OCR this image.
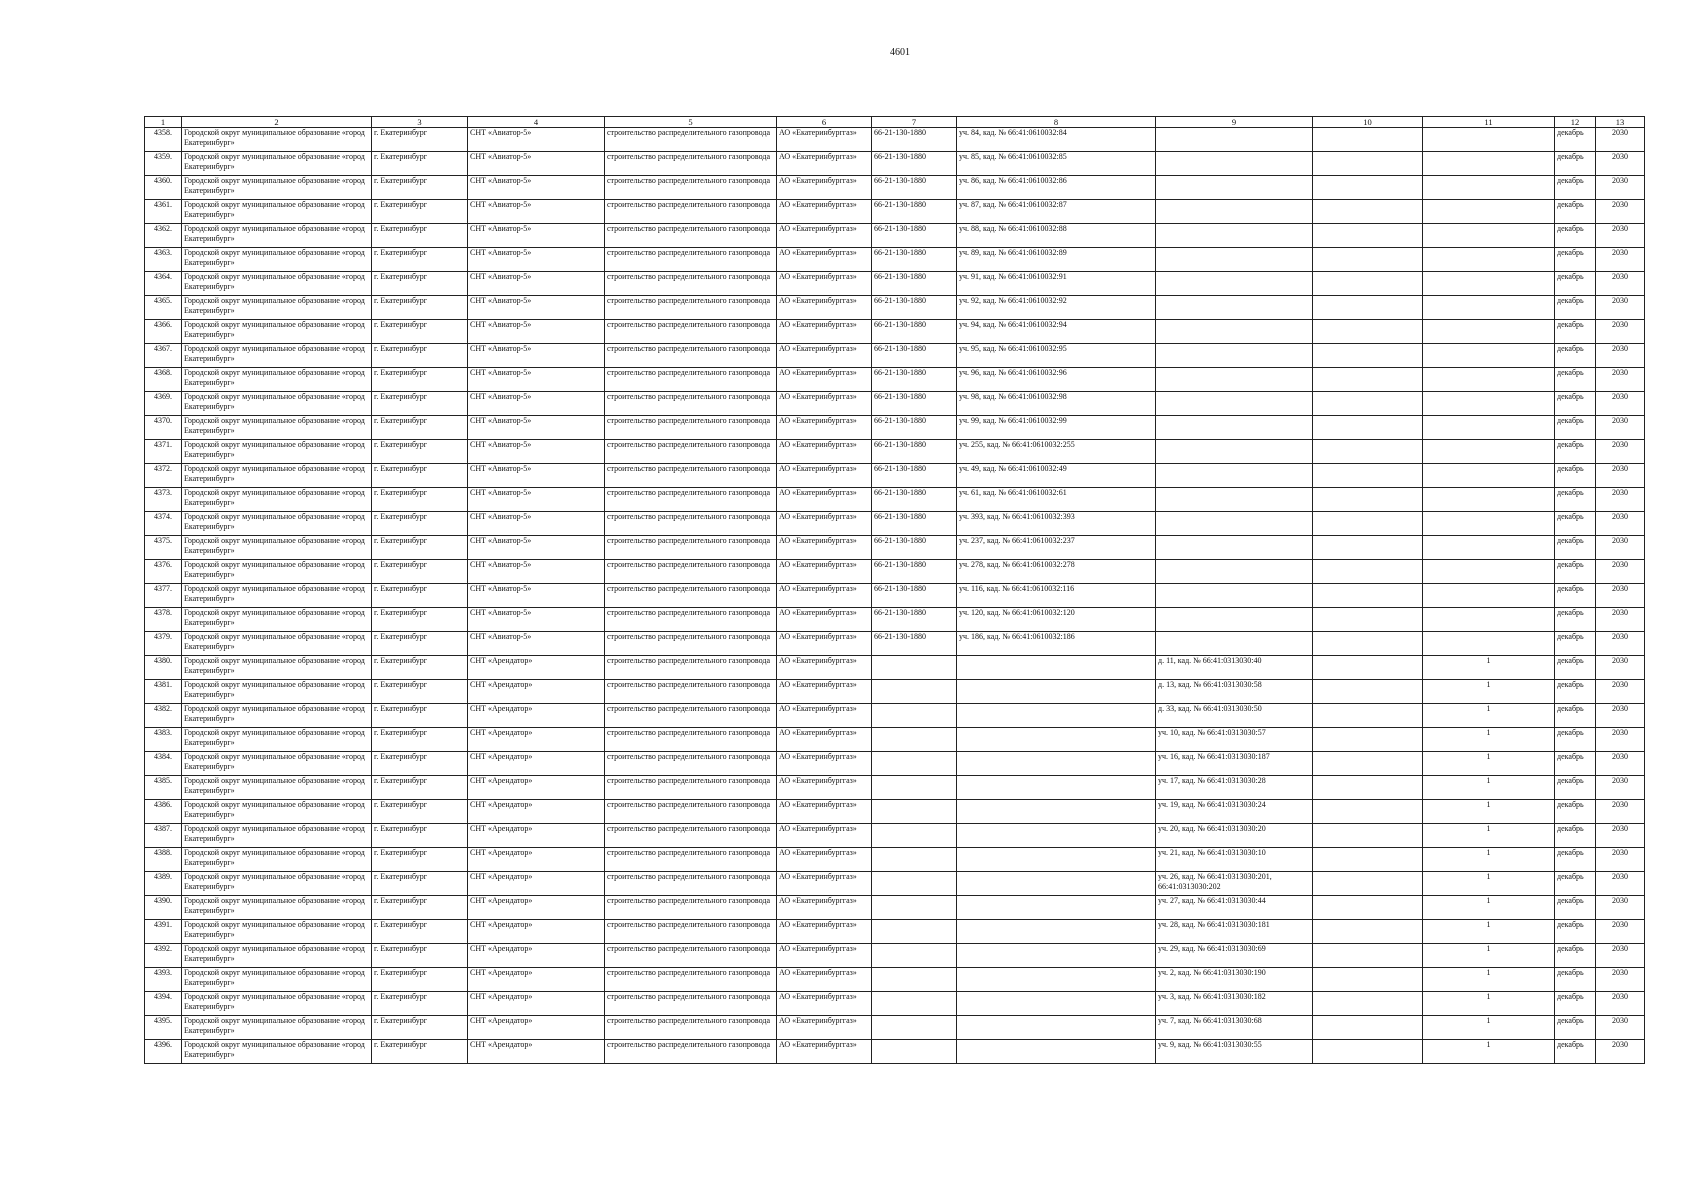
4601
1	2	3	4	5	6	7	8	9	10	11	12	13
4358.	Городской округ муниципальное образование «город Екатеринбург»	г. Екатеринбург	СНТ «Авиатор-5»	строительство распределительного газопровода	АО «Екатеринбурггаз»	66-21-130-1880	уч. 84, кад. № 66:41:0610032:84				декабрь	2030
4359.	Городской округ муниципальное образование «город Екатеринбург»	г. Екатеринбург	СНТ «Авиатор-5»	строительство распределительного газопровода	АО «Екатеринбурггаз»	66-21-130-1880	уч. 85, кад. № 66:41:0610032:85				декабрь	2030
4360.	Городской округ муниципальное образование «город Екатеринбург»	г. Екатеринбург	СНТ «Авиатор-5»	строительство распределительного газопровода	АО «Екатеринбурггаз»	66-21-130-1880	уч. 86, кад. № 66:41:0610032:86				декабрь	2030
4361.	Городской округ муниципальное образование «город Екатеринбург»	г. Екатеринбург	СНТ «Авиатор-5»	строительство распределительного газопровода	АО «Екатеринбурггаз»	66-21-130-1880	уч. 87, кад. № 66:41:0610032:87				декабрь	2030
4362.	Городской округ муниципальное образование «город Екатеринбург»	г. Екатеринбург	СНТ «Авиатор-5»	строительство распределительного газопровода	АО «Екатеринбурггаз»	66-21-130-1880	уч. 88, кад. № 66:41:0610032:88				декабрь	2030
4363.	Городской округ муниципальное образование «город Екатеринбург»	г. Екатеринбург	СНТ «Авиатор-5»	строительство распределительного газопровода	АО «Екатеринбурггаз»	66-21-130-1880	уч. 89, кад. № 66:41:0610032:89				декабрь	2030
4364.	Городской округ муниципальное образование «город Екатеринбург»	г. Екатеринбург	СНТ «Авиатор-5»	строительство распределительного газопровода	АО «Екатеринбурггаз»	66-21-130-1880	уч. 91, кад. № 66:41:0610032:91				декабрь	2030
4365.	Городской округ муниципальное образование «город Екатеринбург»	г. Екатеринбург	СНТ «Авиатор-5»	строительство распределительного газопровода	АО «Екатеринбурггаз»	66-21-130-1880	уч. 92, кад. № 66:41:0610032:92				декабрь	2030
4366.	Городской округ муниципальное образование «город Екатеринбург»	г. Екатеринбург	СНТ «Авиатор-5»	строительство распределительного газопровода	АО «Екатеринбурггаз»	66-21-130-1880	уч. 94, кад. № 66:41:0610032:94				декабрь	2030
4367.	Городской округ муниципальное образование «город Екатеринбург»	г. Екатеринбург	СНТ «Авиатор-5»	строительство распределительного газопровода	АО «Екатеринбурггаз»	66-21-130-1880	уч. 95, кад. № 66:41:0610032:95				декабрь	2030
4368.	Городской округ муниципальное образование «город Екатеринбург»	г. Екатеринбург	СНТ «Авиатор-5»	строительство распределительного газопровода	АО «Екатеринбурггаз»	66-21-130-1880	уч. 96, кад. № 66:41:0610032:96				декабрь	2030
4369.	Городской округ муниципальное образование «город Екатеринбург»	г. Екатеринбург	СНТ «Авиатор-5»	строительство распределительного газопровода	АО «Екатеринбурггаз»	66-21-130-1880	уч. 98, кад. № 66:41:0610032:98				декабрь	2030
4370.	Городской округ муниципальное образование «город Екатеринбург»	г. Екатеринбург	СНТ «Авиатор-5»	строительство распределительного газопровода	АО «Екатеринбурггаз»	66-21-130-1880	уч. 99, кад. № 66:41:0610032:99				декабрь	2030
4371.	Городской округ муниципальное образование «город Екатеринбург»	г. Екатеринбург	СНТ «Авиатор-5»	строительство распределительного газопровода	АО «Екатеринбурггаз»	66-21-130-1880	уч. 255, кад. № 66:41:0610032:255				декабрь	2030
4372.	Городской округ муниципальное образование «город Екатеринбург»	г. Екатеринбург	СНТ «Авиатор-5»	строительство распределительного газопровода	АО «Екатеринбурггаз»	66-21-130-1880	уч. 49, кад. № 66:41:0610032:49				декабрь	2030
4373.	Городской округ муниципальное образование «город Екатеринбург»	г. Екатеринбург	СНТ «Авиатор-5»	строительство распределительного газопровода	АО «Екатеринбурггаз»	66-21-130-1880	уч. 61, кад. № 66:41:0610032:61				декабрь	2030
4374.	Городской округ муниципальное образование «город Екатеринбург»	г. Екатеринбург	СНТ «Авиатор-5»	строительство распределительного газопровода	АО «Екатеринбурггаз»	66-21-130-1880	уч. 393, кад. № 66:41:0610032:393				декабрь	2030
4375.	Городской округ муниципальное образование «город Екатеринбург»	г. Екатеринбург	СНТ «Авиатор-5»	строительство распределительного газопровода	АО «Екатеринбурггаз»	66-21-130-1880	уч. 237, кад. № 66:41:0610032:237				декабрь	2030
4376.	Городской округ муниципальное образование «город Екатеринбург»	г. Екатеринбург	СНТ «Авиатор-5»	строительство распределительного газопровода	АО «Екатеринбурггаз»	66-21-130-1880	уч. 278, кад. № 66:41:0610032:278				декабрь	2030
4377.	Городской округ муниципальное образование «город Екатеринбург»	г. Екатеринбург	СНТ «Авиатор-5»	строительство распределительного газопровода	АО «Екатеринбурггаз»	66-21-130-1880	уч. 116, кад. № 66:41:0610032:116				декабрь	2030
4378.	Городской округ муниципальное образование «город Екатеринбург»	г. Екатеринбург	СНТ «Авиатор-5»	строительство распределительного газопровода	АО «Екатеринбурггаз»	66-21-130-1880	уч. 120, кад. № 66:41:0610032:120				декабрь	2030
4379.	Городской округ муниципальное образование «город Екатеринбург»	г. Екатеринбург	СНТ «Авиатор-5»	строительство распределительного газопровода	АО «Екатеринбурггаз»	66-21-130-1880	уч. 186, кад. № 66:41:0610032:186				декабрь	2030
4380.	Городской округ муниципальное образование «город Екатеринбург»	г. Екатеринбург	СНТ «Арендатор»	строительство распределительного газопровода	АО «Екатеринбурггаз»			д. 11, кад. № 66:41:0313030:40		1	декабрь	2030
4381.	Городской округ муниципальное образование «город Екатеринбург»	г. Екатеринбург	СНТ «Арендатор»	строительство распределительного газопровода	АО «Екатеринбурггаз»			д. 13, кад. № 66:41:0313030:58		1	декабрь	2030
4382.	Городской округ муниципальное образование «город Екатеринбург»	г. Екатеринбург	СНТ «Арендатор»	строительство распределительного газопровода	АО «Екатеринбурггаз»			д. 33, кад. № 66:41:0313030:50		1	декабрь	2030
4383.	Городской округ муниципальное образование «город Екатеринбург»	г. Екатеринбург	СНТ «Арендатор»	строительство распределительного газопровода	АО «Екатеринбурггаз»			уч. 10, кад. № 66:41:0313030:57		1	декабрь	2030
4384.	Городской округ муниципальное образование «город Екатеринбург»	г. Екатеринбург	СНТ «Арендатор»	строительство распределительного газопровода	АО «Екатеринбурггаз»			уч. 16, кад. № 66:41:0313030:187		1	декабрь	2030
4385.	Городской округ муниципальное образование «город Екатеринбург»	г. Екатеринбург	СНТ «Арендатор»	строительство распределительного газопровода	АО «Екатеринбурггаз»			уч. 17, кад. № 66:41:0313030:28		1	декабрь	2030
4386.	Городской округ муниципальное образование «город Екатеринбург»	г. Екатеринбург	СНТ «Арендатор»	строительство распределительного газопровода	АО «Екатеринбурггаз»			уч. 19, кад. № 66:41:0313030:24		1	декабрь	2030
4387.	Городской округ муниципальное образование «город Екатеринбург»	г. Екатеринбург	СНТ «Арендатор»	строительство распределительного газопровода	АО «Екатеринбурггаз»			уч. 20, кад. № 66:41:0313030:20		1	декабрь	2030
4388.	Городской округ муниципальное образование «город Екатеринбург»	г. Екатеринбург	СНТ «Арендатор»	строительство распределительного газопровода	АО «Екатеринбурггаз»			уч. 21, кад. № 66:41:0313030:10		1	декабрь	2030
4389.	Городской округ муниципальное образование «город Екатеринбург»	г. Екатеринбург	СНТ «Арендатор»	строительство распределительного газопровода	АО «Екатеринбурггаз»			уч. 26, кад. № 66:41:0313030:201, 66:41:0313030:202		1	декабрь	2030
4390.	Городской округ муниципальное образование «город Екатеринбург»	г. Екатеринбург	СНТ «Арендатор»	строительство распределительного газопровода	АО «Екатеринбурггаз»			уч. 27, кад. № 66:41:0313030:44		1	декабрь	2030
4391.	Городской округ муниципальное образование «город Екатеринбург»	г. Екатеринбург	СНТ «Арендатор»	строительство распределительного газопровода	АО «Екатеринбурггаз»			уч. 28, кад. № 66:41:0313030:181		1	декабрь	2030
4392.	Городской округ муниципальное образование «город Екатеринбург»	г. Екатеринбург	СНТ «Арендатор»	строительство распределительного газопровода	АО «Екатеринбурггаз»			уч. 29, кад. № 66:41:0313030:69		1	декабрь	2030
4393.	Городской округ муниципальное образование «город Екатеринбург»	г. Екатеринбург	СНТ «Арендатор»	строительство распределительного газопровода	АО «Екатеринбурггаз»			уч. 2, кад. № 66:41:0313030:190		1	декабрь	2030
4394.	Городской округ муниципальное образование «город Екатеринбург»	г. Екатеринбург	СНТ «Арендатор»	строительство распределительного газопровода	АО «Екатеринбурггаз»			уч. 3, кад. № 66:41:0313030:182		1	декабрь	2030
4395.	Городской округ муниципальное образование «город Екатеринбург»	г. Екатеринбург	СНТ «Арендатор»	строительство распределительного газопровода	АО «Екатеринбурггаз»			уч. 7, кад. № 66:41:0313030:68		1	декабрь	2030
4396.	Городской округ муниципальное образование «город Екатеринбург»	г. Екатеринбург	СНТ «Арендатор»	строительство распределительного газопровода	АО «Екатеринбурггаз»			уч. 9, кад. № 66:41:0313030:55		1	декабрь	2030
